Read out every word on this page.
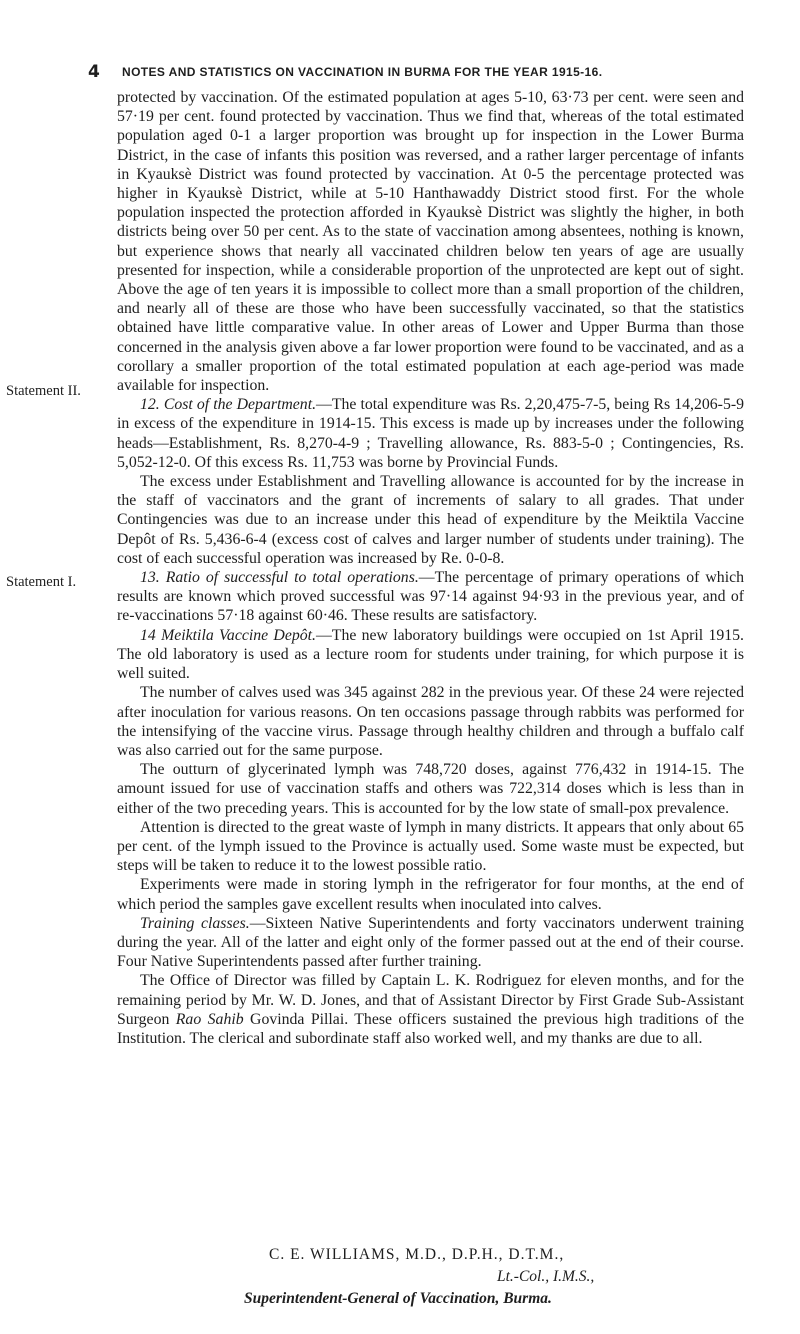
4 NOTES AND STATISTICS ON VACCINATION IN BURMA FOR THE YEAR 1915-16.
Statement II.
Statement I.

protected by vaccination. Of the estimated population at ages 5-10, 63·73 per cent. were seen and 57·19 per cent. found protected by vaccination. Thus we find that, whereas of the total estimated population aged 0-1 a larger proportion was brought up for inspection in the Lower Burma District, in the case of infants this position was reversed, and a rather larger percentage of infants in Kyauksè District was found protected by vaccination. At 0-5 the percentage protected was higher in Kyauksè District, while at 5-10 Hanthawaddy District stood first. For the whole population inspected the protection afforded in Kyauksè District was slightly the higher, in both districts being over 50 per cent. As to the state of vaccination among absentees, nothing is known, but experience shows that nearly all vaccinated children below ten years of age are usually presented for inspection, while a considerable proportion of the unprotected are kept out of sight. Above the age of ten years it is impossible to collect more than a small proportion of the children, and nearly all of these are those who have been successfully vaccinated, so that the statistics obtained have little comparative value. In other areas of Lower and Upper Burma than those concerned in the analysis given above a far lower proportion were found to be vaccinated, and as a corollary a smaller proportion of the total estimated population at each age-period was made available for inspection.

12. Cost of the Department.—The total expenditure was Rs. 2,20,475-7-5, being Rs 14,206-5-9 in excess of the expenditure in 1914-15. This excess is made up by increases under the following heads—Establishment, Rs. 8,270-4-9 ; Travelling allowance, Rs. 883-5-0 ; Contingencies, Rs. 5,052-12-0. Of this excess Rs. 11,753 was borne by Provincial Funds.

The excess under Establishment and Travelling allowance is accounted for by the increase in the staff of vaccinators and the grant of increments of salary to all grades. That under Contingencies was due to an increase under this head of expenditure by the Meiktila Vaccine Depôt of Rs. 5,436-6-4 (excess cost of calves and larger number of students under training). The cost of each successful operation was increased by Re. 0-0-8.

13. Ratio of successful to total operations.—The percentage of primary operations of which results are known which proved successful was 97·14 against 94·93 in the previous year, and of re-vaccinations 57·18 against 60·46. These results are satisfactory.

14 Meiktila Vaccine Depôt.—The new laboratory buildings were occupied on 1st April 1915. The old laboratory is used as a lecture room for students under training, for which purpose it is well suited.

The number of calves used was 345 against 282 in the previous year. Of these 24 were rejected after inoculation for various reasons. On ten occasions passage through rabbits was performed for the intensifying of the vaccine virus. Passage through healthy children and through a buffalo calf was also carried out for the same purpose.

The outturn of glycerinated lymph was 748,720 doses, against 776,432 in 1914-15. The amount issued for use of vaccination staffs and others was 722,314 doses which is less than in either of the two preceding years. This is accounted for by the low state of small-pox prevalence.

Attention is directed to the great waste of lymph in many districts. It appears that only about 65 per cent. of the lymph issued to the Province is actually used. Some waste must be expected, but steps will be taken to reduce it to the lowest possible ratio.

Experiments were made in storing lymph in the refrigerator for four months, at the end of which period the samples gave excellent results when inoculated into calves.

Training classes.—Sixteen Native Superintendents and forty vaccinators underwent training during the year. All of the latter and eight only of the former passed out at the end of their course. Four Native Superintendents passed after further training.

The Office of Director was filled by Captain L. K. Rodriguez for eleven months, and for the remaining period by Mr. W. D. Jones, and that of Assistant Director by First Grade Sub-Assistant Surgeon Rao Sahib Govinda Pillai. These officers sustained the previous high traditions of the Institution. The clerical and subordinate staff also worked well, and my thanks are due to all.

C. E. WILLIAMS, M.D., D.P.H., D.T.M.,
Lt.-Col., I.M.S.,
Superintendent-General of Vaccination, Burma.
